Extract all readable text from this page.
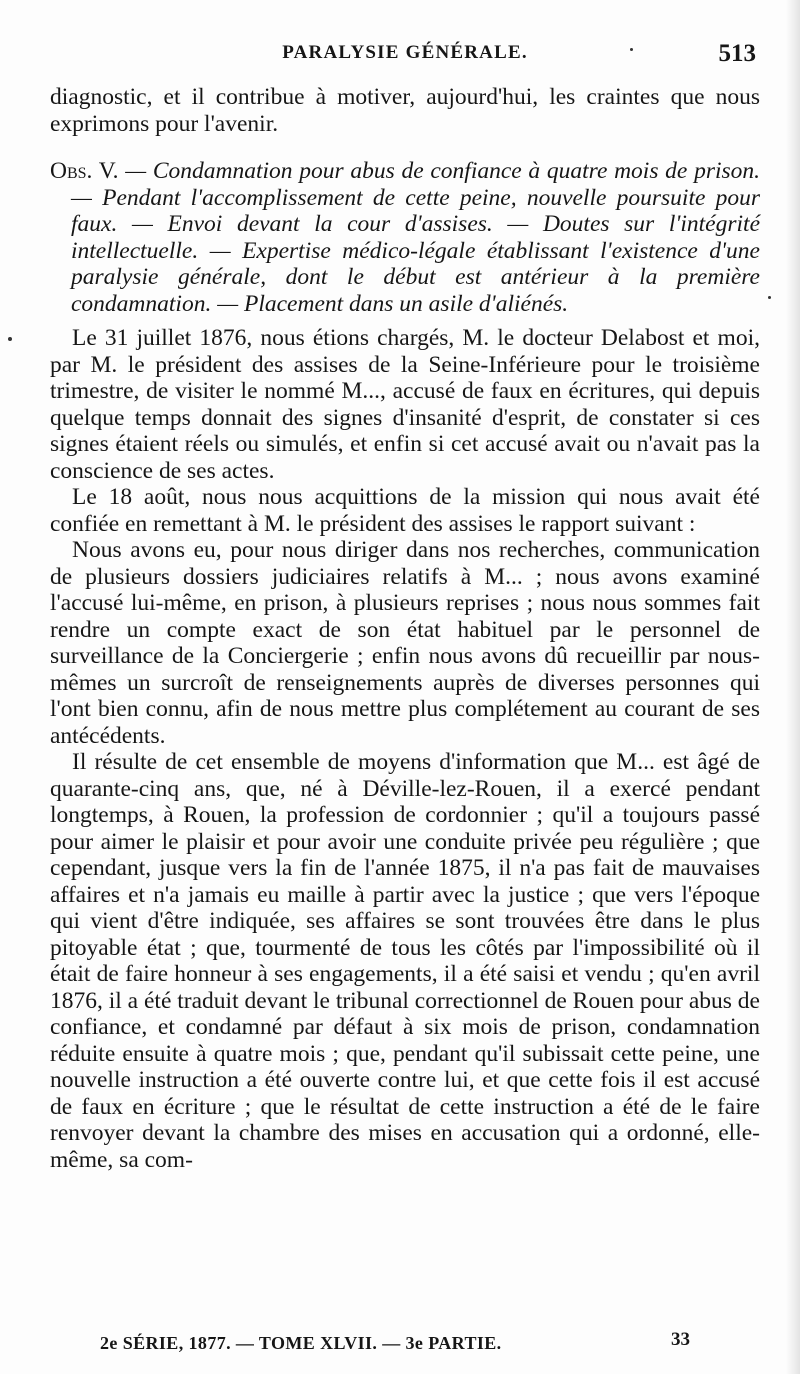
PARALYSIE GÉNÉRALE.	513

diagnostic, et il contribue à motiver, aujourd'hui, les craintes que nous exprimons pour l'avenir.

Obs. V. — Condamnation pour abus de confiance à quatre mois de prison. — Pendant l'accomplissement de cette peine, nouvelle poursuite pour faux. — Envoi devant la cour d'assises. — Doutes sur l'intégrité intellectuelle. — Expertise médico-légale établissant l'existence d'une paralysie générale, dont le début est antérieur à la première condamnation. — Placement dans un asile d'aliénés.

Le 31 juillet 1876, nous étions chargés, M. le docteur Delabost et moi, par M. le président des assises de la Seine-Inférieure pour le troisième trimestre, de visiter le nommé M..., accusé de faux en écritures, qui depuis quelque temps donnait des signes d'insanité d'esprit, de constater si ces signes étaient réels ou simulés, et enfin si cet accusé avait ou n'avait pas la conscience de ses actes.

Le 18 août, nous nous acquittions de la mission qui nous avait été confiée en remettant à M. le président des assises le rapport suivant :

Nous avons eu, pour nous diriger dans nos recherches, communication de plusieurs dossiers judiciaires relatifs à M... ; nous avons examiné l'accusé lui-même, en prison, à plusieurs reprises ; nous nous sommes fait rendre un compte exact de son état habituel par le personnel de surveillance de la Conciergerie ; enfin nous avons dû recueillir par nous-mêmes un surcroît de renseignements auprès de diverses personnes qui l'ont bien connu, afin de nous mettre plus complétement au courant de ses antécédents.

Il résulte de cet ensemble de moyens d'information que M... est âgé de quarante-cinq ans, que, né à Déville-lez-Rouen, il a exercé pendant longtemps, à Rouen, la profession de cordonnier ; qu'il a toujours passé pour aimer le plaisir et pour avoir une conduite privée peu régulière ; que cependant, jusque vers la fin de l'année 1875, il n'a pas fait de mauvaises affaires et n'a jamais eu maille à partir avec la justice ; que vers l'époque qui vient d'être indiquée, ses affaires se sont trouvées être dans le plus pitoyable état ; que, tourmenté de tous les côtés par l'impossibilité où il était de faire honneur à ses engagements, il a été saisi et vendu ; qu'en avril 1876, il a été traduit devant le tribunal correctionnel de Rouen pour abus de confiance, et condamné par défaut à six mois de prison, condamnation réduite ensuite à quatre mois ; que, pendant qu'il subissait cette peine, une nouvelle instruction a été ouverte contre lui, et que cette fois il est accusé de faux en écriture ; que le résultat de cette instruction a été de le faire renvoyer devant la chambre des mises en accusation qui a ordonné, elle-même, sa com-

2e SÉRIE, 1877. — TOME XLVII. — 3e PARTIE.	33
